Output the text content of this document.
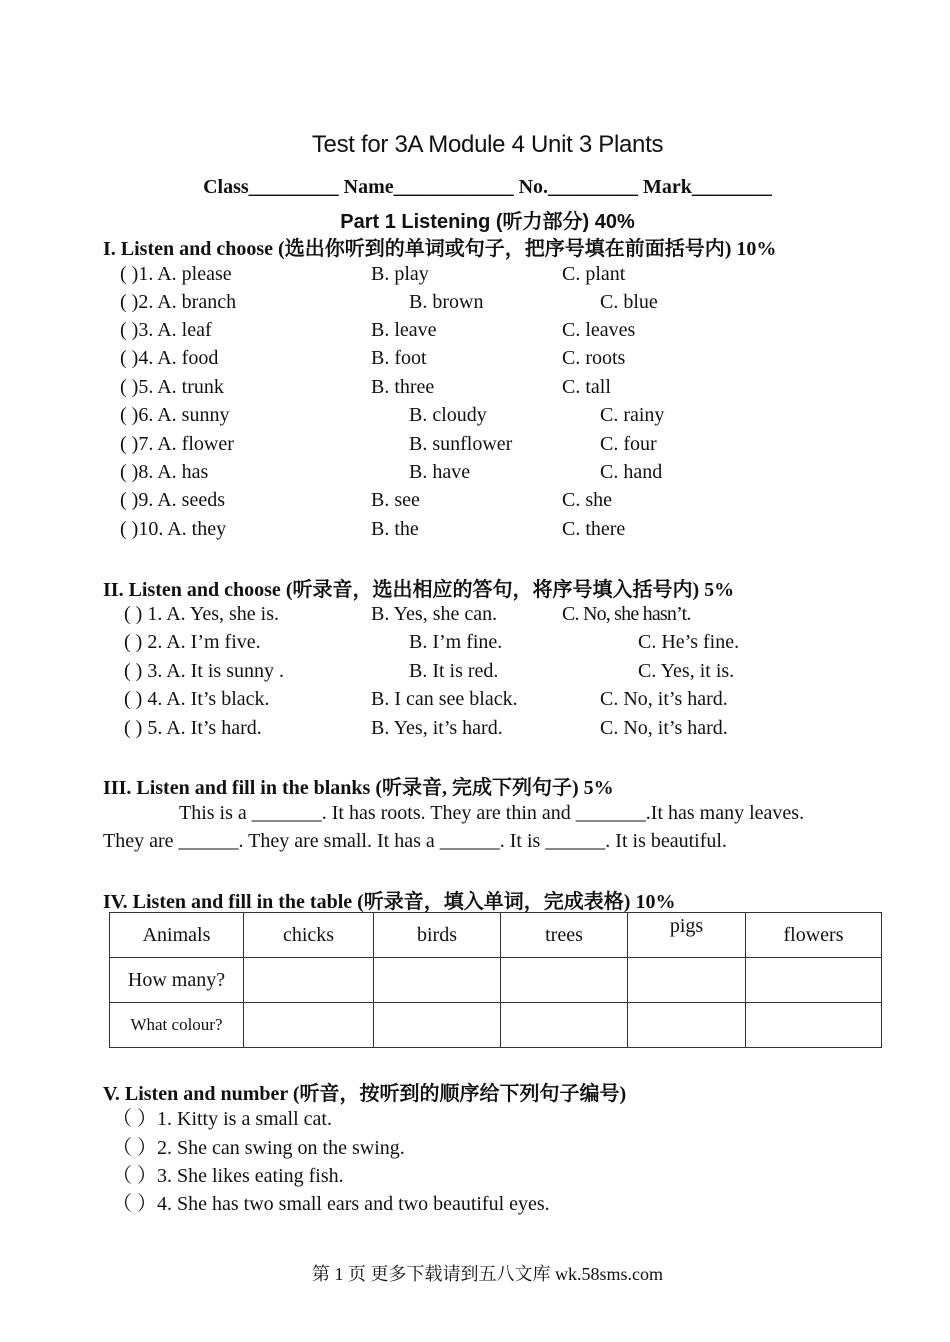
Test for 3A Module 4 Unit 3 Plants
Class_________ Name____________ No._________ Mark________
Part 1 Listening (听力部分) 40%
I. Listen and choose (选出你听到的单词或句子，把序号填在前面括号内) 10%
( )1. A. please	B. play	C. plant
( )2. A. branch	B. brown	C. blue
( )3. A. leaf	B. leave	C. leaves
( )4. A. food	B. foot	C. roots
( )5. A. trunk	B. three	C. tall
( )6. A. sunny	B. cloudy	C. rainy
( )7. A. flower	B. sunflower	C. four
( )8. A. has	B. have	C. hand
( )9. A. seeds	B. see	C. she
( )10. A. they	B. the	C. there
II. Listen and choose (听录音，选出相应的答句，将序号填入括号内) 5%
( ) 1. A. Yes, she is.	B. Yes, she can.	C. No, she hasn’t.
( ) 2. A. I’m five.	B. I’m fine.	C. He’s fine.
( ) 3. A. It is sunny .	B. It is red.	C. Yes, it is.
( ) 4. A. It’s black.	B. I can see black.	C. No, it’s hard.
( ) 5. A. It’s hard.	B. Yes, it’s hard.	C. No, it’s hard.
III. Listen and fill in the blanks (听录音, 完成下列句子) 5%
This is a _______. It has roots. They are thin and _______.It has many leaves.
They are ______. They are small. It has a ______. It is ______. It is beautiful.
IV. Listen and fill in the table (听录音，填入单词，完成表格) 10%
Animals	chicks	birds	trees	pigs	flowers
How many?					
What colour?					
V. Listen and number (听音，按听到的顺序给下列句子编号)
（ ）1. Kitty is a small cat.
（ ）2. She can swing on the swing.
（ ）3. She likes eating fish.
（ ）4. She has two small ears and two beautiful eyes.
第 1 页 更多下载请到五八文库 wk.58sms.com
